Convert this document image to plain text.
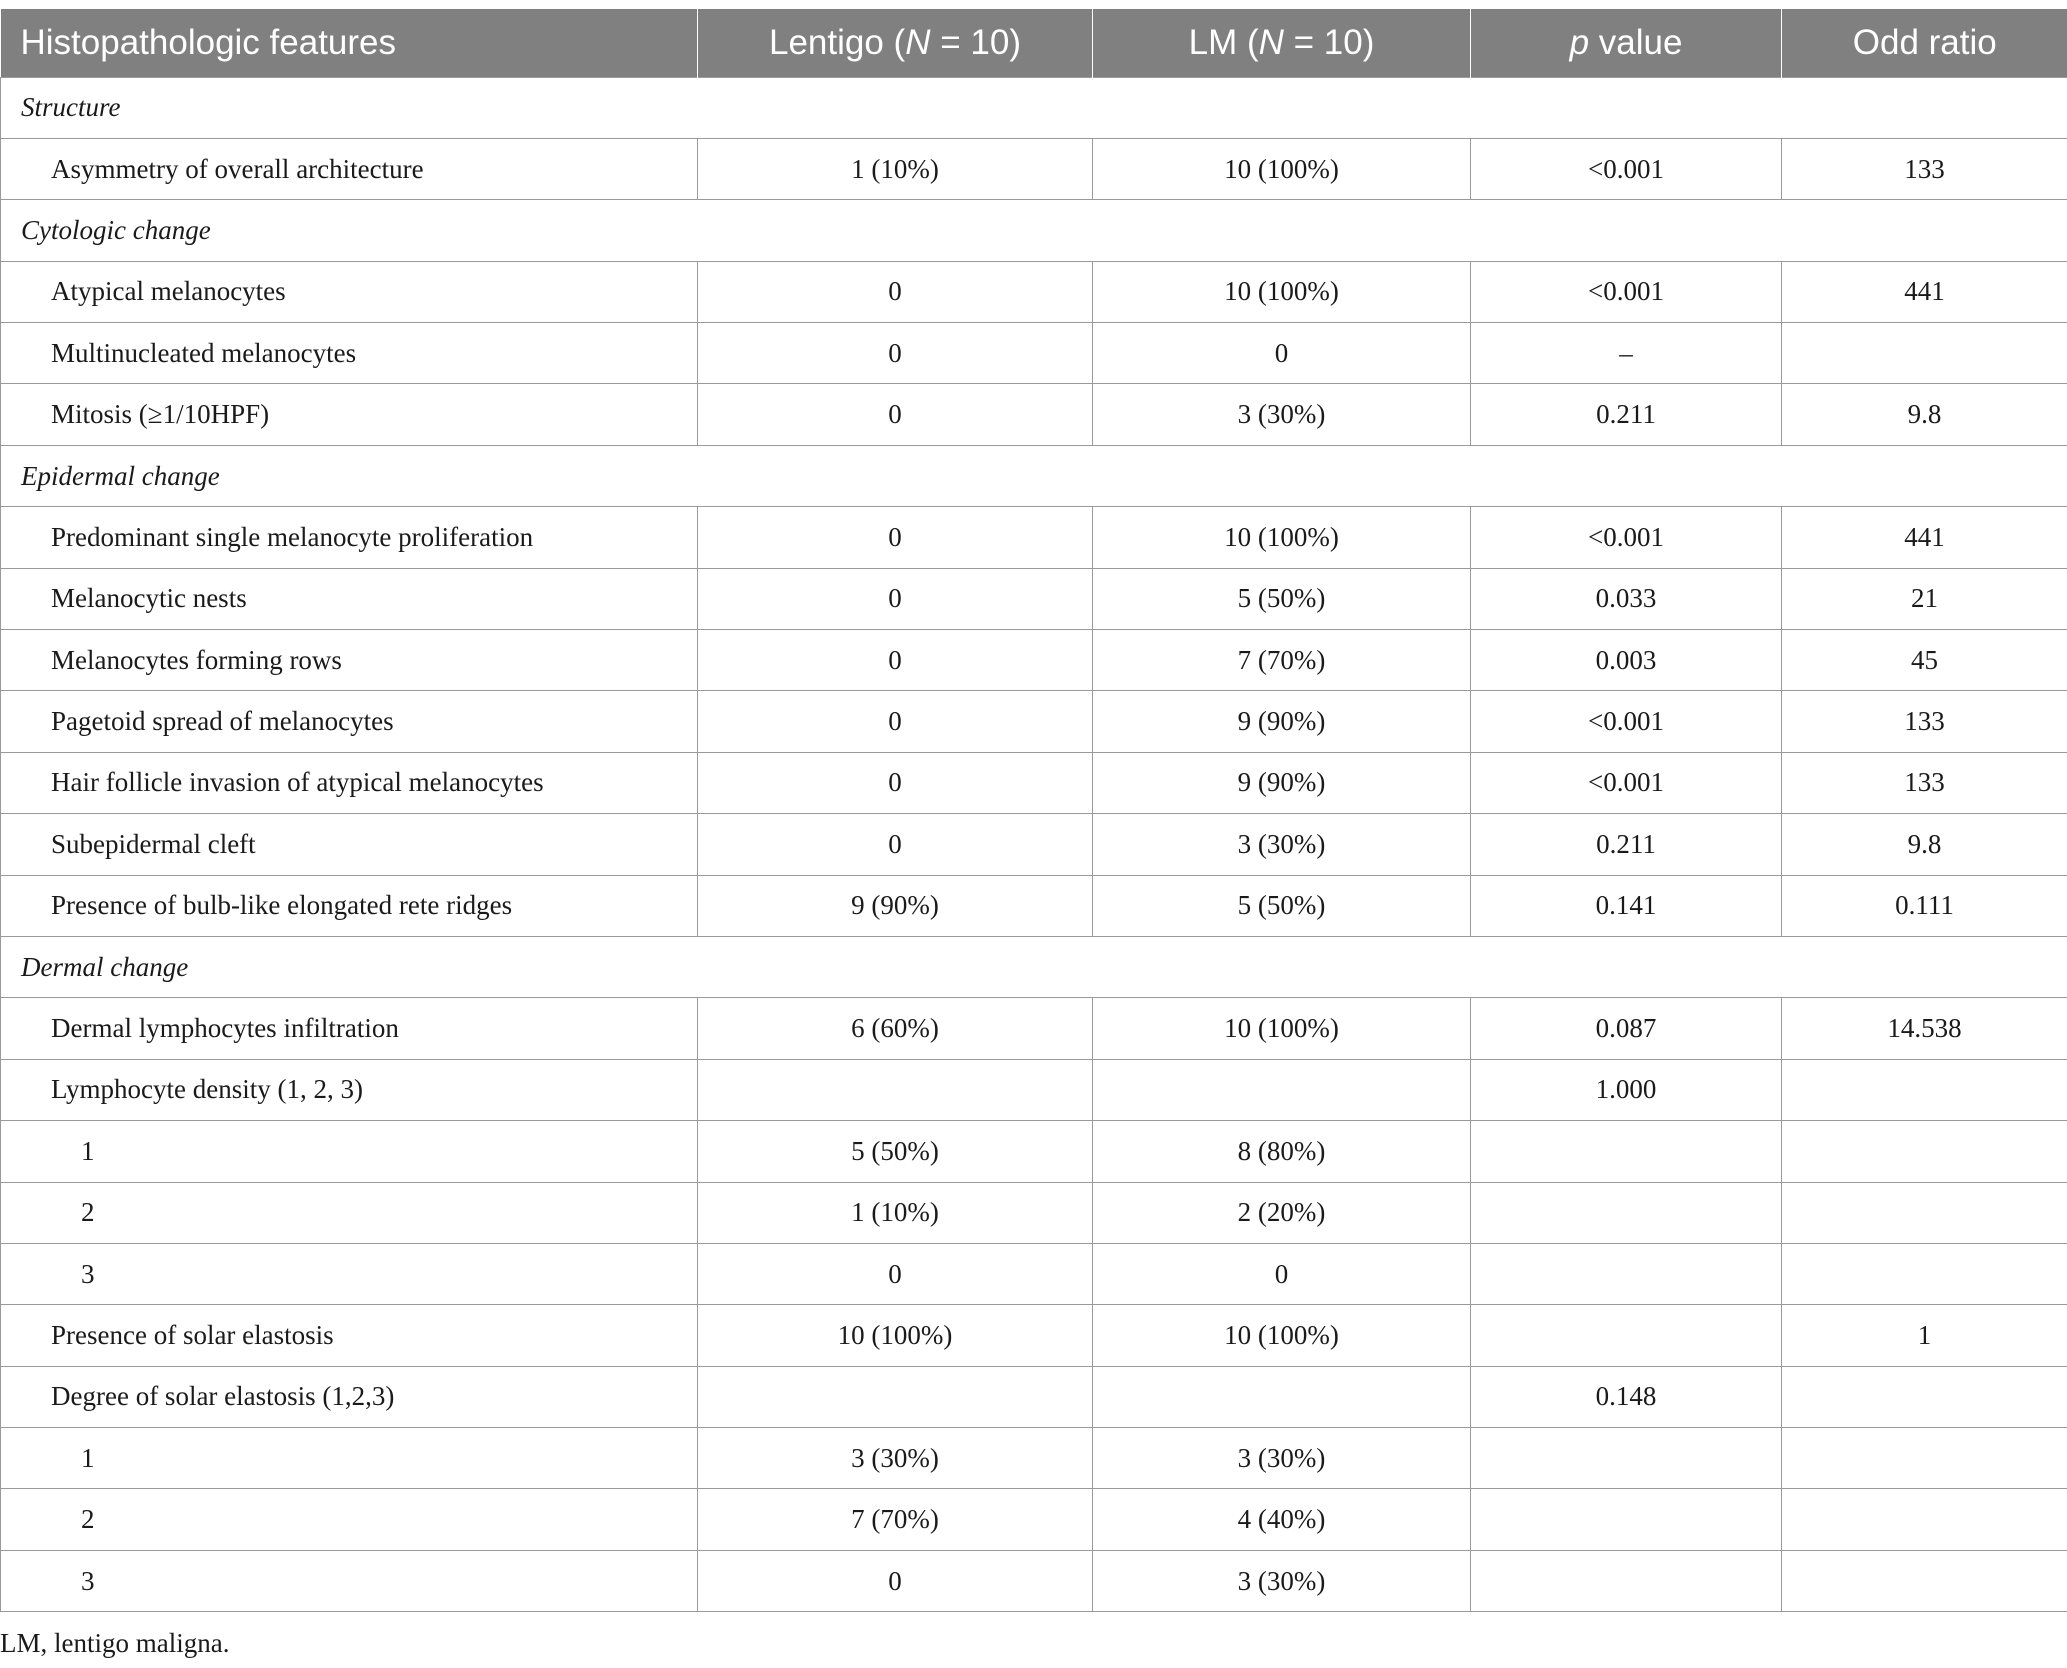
Histopathologic features	Lentigo (N = 10)	LM (N = 10)	p value	Odd ratio
Structure				
Asymmetry of overall architecture	1 (10%)	10 (100%)	<0.001	133
Cytologic change				
Atypical melanocytes	0	10 (100%)	<0.001	441
Multinucleated melanocytes	0	0	–	
Mitosis (≥1/10HPF)	0	3 (30%)	0.211	9.8
Epidermal change				
Predominant single melanocyte proliferation	0	10 (100%)	<0.001	441
Melanocytic nests	0	5 (50%)	0.033	21
Melanocytes forming rows	0	7 (70%)	0.003	45
Pagetoid spread of melanocytes	0	9 (90%)	<0.001	133
Hair follicle invasion of atypical melanocytes	0	9 (90%)	<0.001	133
Subepidermal cleft	0	3 (30%)	0.211	9.8
Presence of bulb-like elongated rete ridges	9 (90%)	5 (50%)	0.141	0.111
Dermal change				
Dermal lymphocytes infiltration	6 (60%)	10 (100%)	0.087	14.538
Lymphocyte density (1, 2, 3)			1.000	
1	5 (50%)	8 (80%)		
2	1 (10%)	2 (20%)		
3	0	0		
Presence of solar elastosis	10 (100%)	10 (100%)		1
Degree of solar elastosis (1,2,3)			0.148	
1	3 (30%)	3 (30%)		
2	7 (70%)	4 (40%)		
3	0	3 (30%)		
LM, lentigo maligna.
